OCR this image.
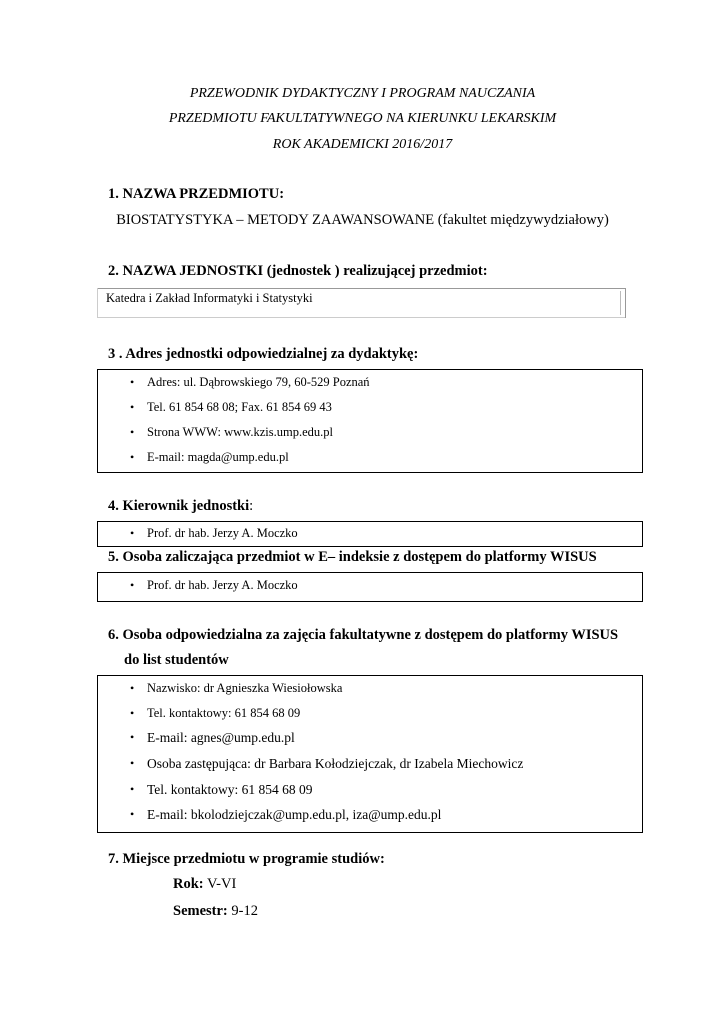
PRZEWODNIK DYDAKTYCZNY I PROGRAM NAUCZANIA
PRZEDMIOTU FAKULTATYWNEGO NA KIERUNKU LEKARSKIM
ROK AKADEMICKI 2016/2017
1. NAZWA PRZEDMIOTU:
BIOSTATYSTYKA – METODY ZAAWANSOWANE (fakultet międzywydziałowy)
2. NAZWA JEDNOSTKI (jednostek ) realizującej przedmiot:
Katedra i Zakład Informatyki i Statystyki
3 . Adres jednostki odpowiedzialnej za dydaktykę:
• Adres: ul. Dąbrowskiego 79, 60-529 Poznań
• Tel. 61 854 68 08; Fax. 61 854 69 43
• Strona WWW: www.kzis.ump.edu.pl
• E-mail: magda@ump.edu.pl
4. Kierownik jednostki:
• Prof. dr hab. Jerzy A. Moczko
5. Osoba zaliczająca przedmiot w E– indeksie z dostępem do platformy WISUS
• Prof. dr hab. Jerzy A. Moczko
6. Osoba odpowiedzialna za zajęcia fakultatywne z dostępem do platformy WISUS
do list studentów
• Nazwisko: dr Agnieszka Wiesiołowska
• Tel. kontaktowy: 61 854 68 09
• E-mail: agnes@ump.edu.pl
• Osoba zastępująca: dr Barbara Kołodziejczak, dr Izabela Miechowicz
• Tel. kontaktowy: 61 854 68 09
• E-mail: bkolodziejczak@ump.edu.pl, iza@ump.edu.pl
7. Miejsce przedmiotu w programie studiów:
Rok: V-VI
Semestr: 9-12
